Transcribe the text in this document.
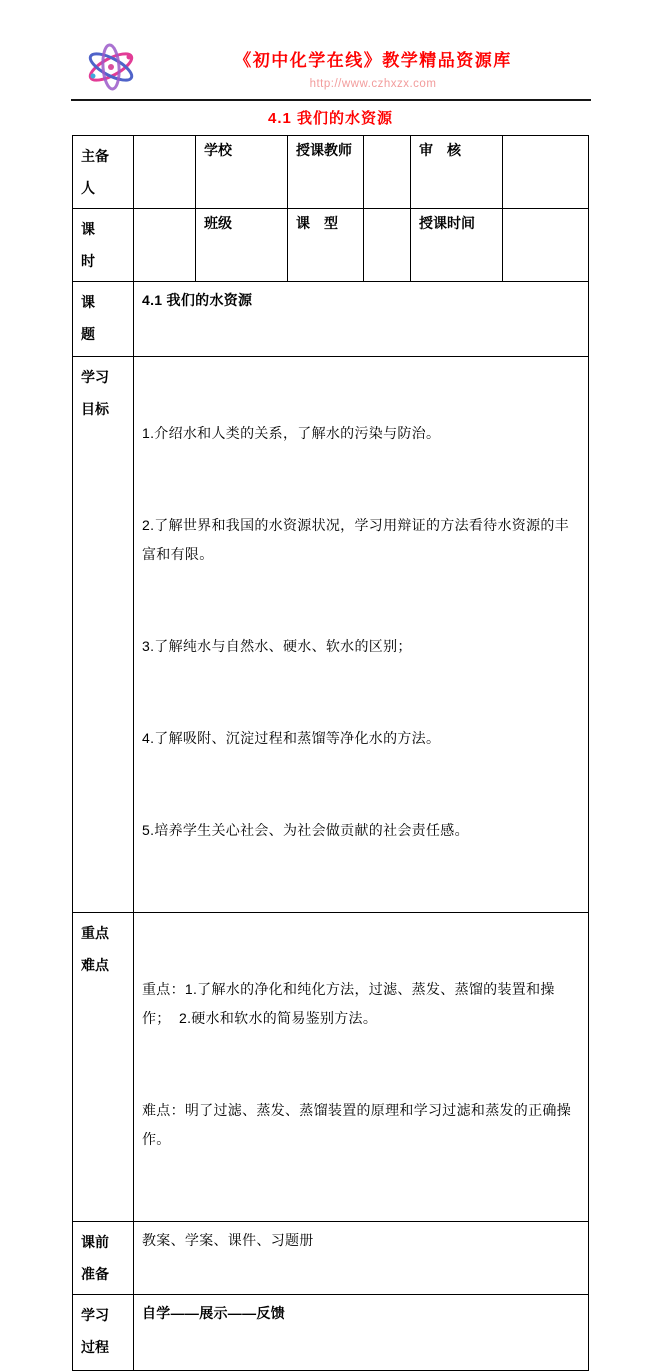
《初中化学在线》教学精品资源库
http://www.czhxzx.com
4.1 我们的水资源
主备
人		学校	授课教师		审　核	
课
时		班级	课　型		授课时间	
课
题	4.1 我们的水资源					
学习
目标	

1.介绍水和人类的关系，了解水的污染与防治。

2.了解世界和我国的水资源状况，学习用辩证的方法看待水资源的丰富和有限。

3.了解纯水与自然水、硬水、软水的区别；

4.了解吸附、沉淀过程和蒸馏等净化水的方法。

5.培养学生关心社会、为社会做贡献的社会责任感。

重点
难点	

重点：1.了解水的净化和纯化方法，过滤、蒸发、蒸馏的装置和操作；  2.硬水和软水的简易鉴别方法。

难点：明了过滤、蒸发、蒸馏装置的原理和学习过滤和蒸发的正确操作。

课前
准备	教案、学案、课件、习题册					
学习
过程	自学——展示——反馈					
